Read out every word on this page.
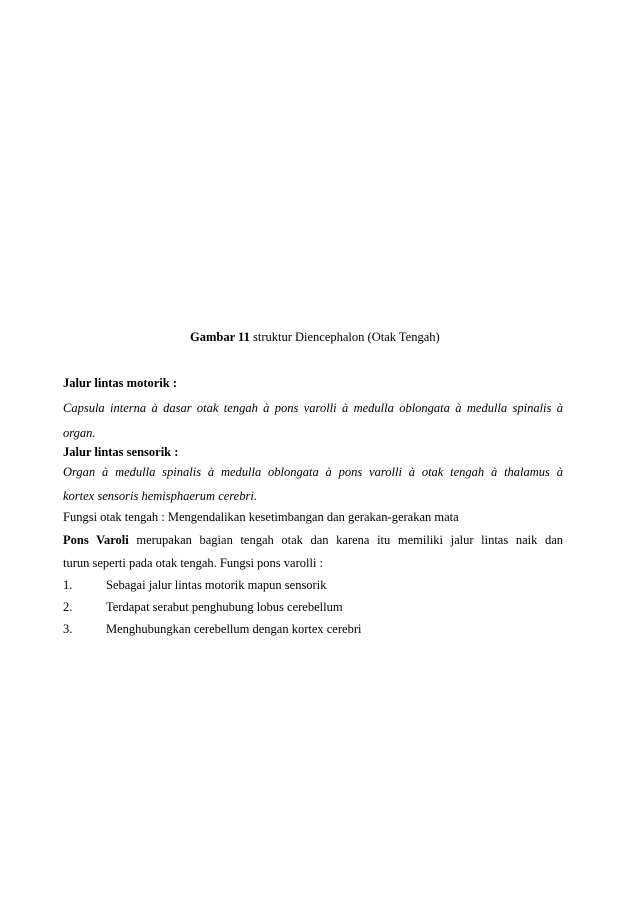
Gambar 11 struktur Diencephalon (Otak Tengah)
Jalur lintas motorik :
Capsula interna à dasar otak tengah à pons varolli à medulla oblongata à medulla spinalis à
organ.
Jalur lintas sensorik :
Organ à medulla spinalis à medulla oblongata à pons varolli à otak tengah à thalamus à
kortex sensoris hemisphaerum cerebri.
Fungsi otak tengah : Mengendalikan kesetimbangan dan gerakan-gerakan mata
Pons Varoli merupakan bagian tengah otak dan karena itu memiliki jalur lintas naik dan
turun seperti pada otak tengah. Fungsi pons varolli :
1.	Sebagai jalur lintas motorik mapun sensorik
2.	Terdapat serabut penghubung lobus cerebellum
3.	Menghubungkan cerebellum dengan kortex cerebri
